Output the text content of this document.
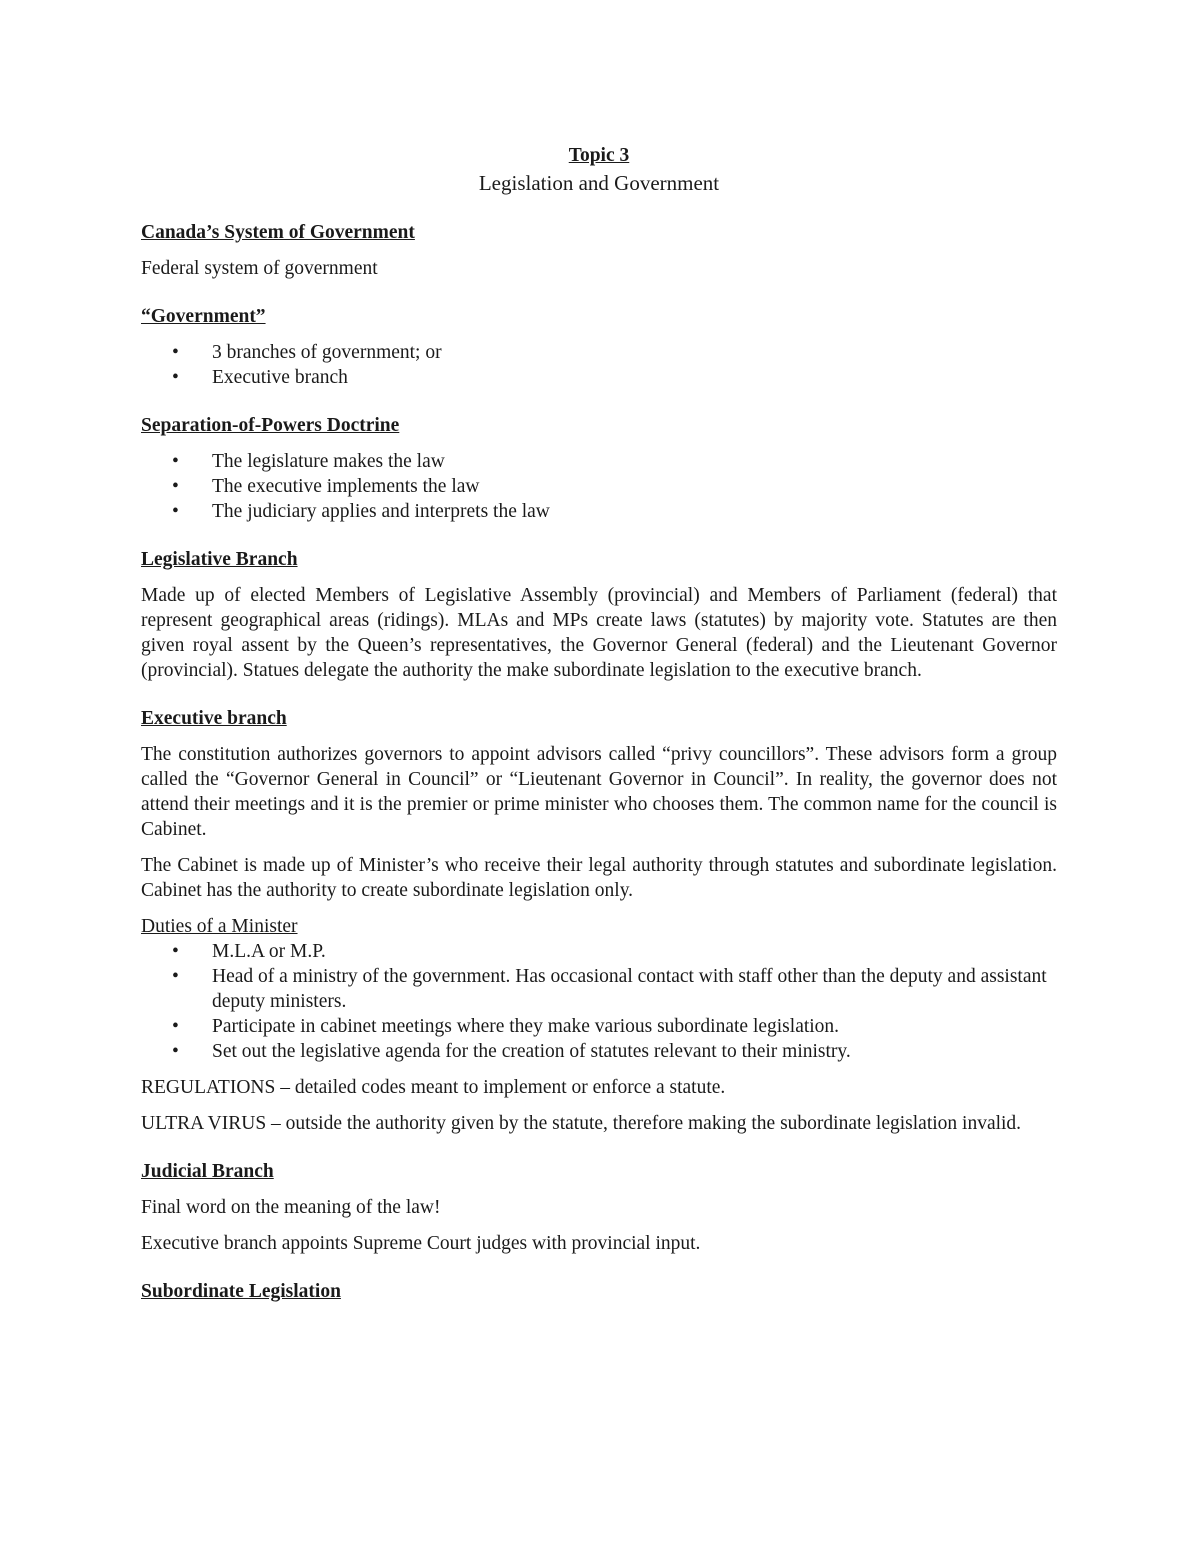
Topic 3

Legislation and Government

Canada’s System of Government

Federal system of government

“Government”

• 3 branches of government; or
• Executive branch

Separation-of-Powers Doctrine

• The legislature makes the law
• The executive implements the law
• The judiciary applies and interprets the law

Legislative Branch

Made up of elected Members of Legislative Assembly (provincial) and Members of Parliament (federal) that represent geographical areas (ridings). MLAs and MPs create laws (statutes) by majority vote. Statutes are then given royal assent by the Queen’s representatives, the Governor General (federal) and the Lieutenant Governor (provincial). Statues delegate the authority the make subordinate legislation to the executive branch.

Executive branch

The constitution authorizes governors to appoint advisors called “privy councillors”. These advisors form a group called the “Governor General in Council” or “Lieutenant Governor in Council”. In reality, the governor does not attend their meetings and it is the premier or prime minister who chooses them. The common name for the council is Cabinet.

The Cabinet is made up of Minister’s who receive their legal authority through statutes and subordinate legislation. Cabinet has the authority to create subordinate legislation only.

Duties of a Minister

• M.L.A or M.P.
• Head of a ministry of the government. Has occasional contact with staff other than the deputy and assistant deputy ministers.
• Participate in cabinet meetings where they make various subordinate legislation.
• Set out the legislative agenda for the creation of statutes relevant to their ministry.

REGULATIONS – detailed codes meant to implement or enforce a statute.

ULTRA VIRUS – outside the authority given by the statute, therefore making the subordinate legislation invalid.

Judicial Branch

Final word on the meaning of the law!

Executive branch appoints Supreme Court judges with provincial input.

Subordinate Legislation
